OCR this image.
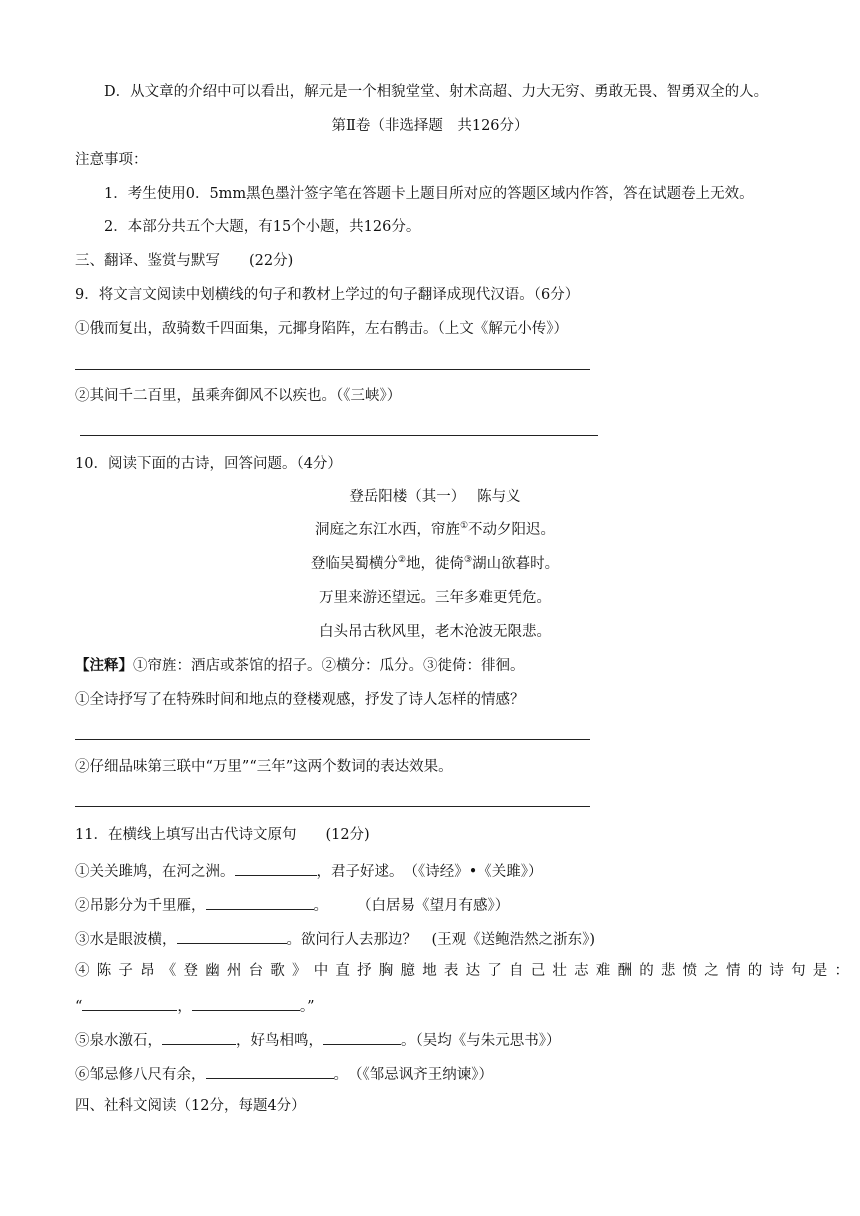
D．从文章的介绍中可以看出，解元是一个相貌堂堂、射术高超、力大无穷、勇敢无畏、智勇双全的人。
第Ⅱ卷（非选择题　共126分）
注意事项：
1．考生使用0．5mm黑色墨汁签字笔在答题卡上题目所对应的答题区域内作答，答在试题卷上无效。
2．本部分共五个大题，有15个小题，共126分。
三、翻译、鉴赏与默写　　(22分)
9．将文言文阅读中划横线的句子和教材上学过的句子翻译成现代汉语。（6分）
①俄而复出，敌骑数千四面集，元揶身陷阵，左右鹘击。（上文《解元小传》）
②其间千二百里，虽乘奔御风不以疾也。（《三峡》）
10．阅读下面的古诗，回答问题。（4分）
登岳阳楼（其一）　 陈与义
洞庭之东江水西，帘旌①不动夕阳迟。
登临吴蜀横分②地，徙倚③湖山欲暮时。
万里来游还望远。三年多难更凭危。
白头吊古秋风里，老木沧波无限悲。
【注释】①帘旌：酒店或茶馆的招子。②横分：瓜分。③徙倚：徘徊。
①全诗抒写了在特殊时间和地点的登楼观感，抒发了诗人怎样的情感？
②仔细品味第三联中“万里”“三年”这两个数词的表达效果。
11．在横线上填写出古代诗文原句　　(12分)
①关关雎鸠，在河之洲。	，君子好逑。　（《诗经》•《关雎》）
②吊影分为千里雁，	。　　　（白居易《望月有感》）
③水是眼波横，	。欲问行人去那边？　(王观《送鲍浩然之浙东》)
④陈子昂《登幽州台歌》中直抒胸臆地表达了自己壮志难酬的悲愤之情的诗句是：
“	，	。”
⑤泉水激石，	，好鸟相鸣，	。（吴均《与朱元思书》）
⑥邹忌修八尺有余，	。　（《邹忌讽齐王纳谏》）
四、社科文阅读（12分，每题4分）
